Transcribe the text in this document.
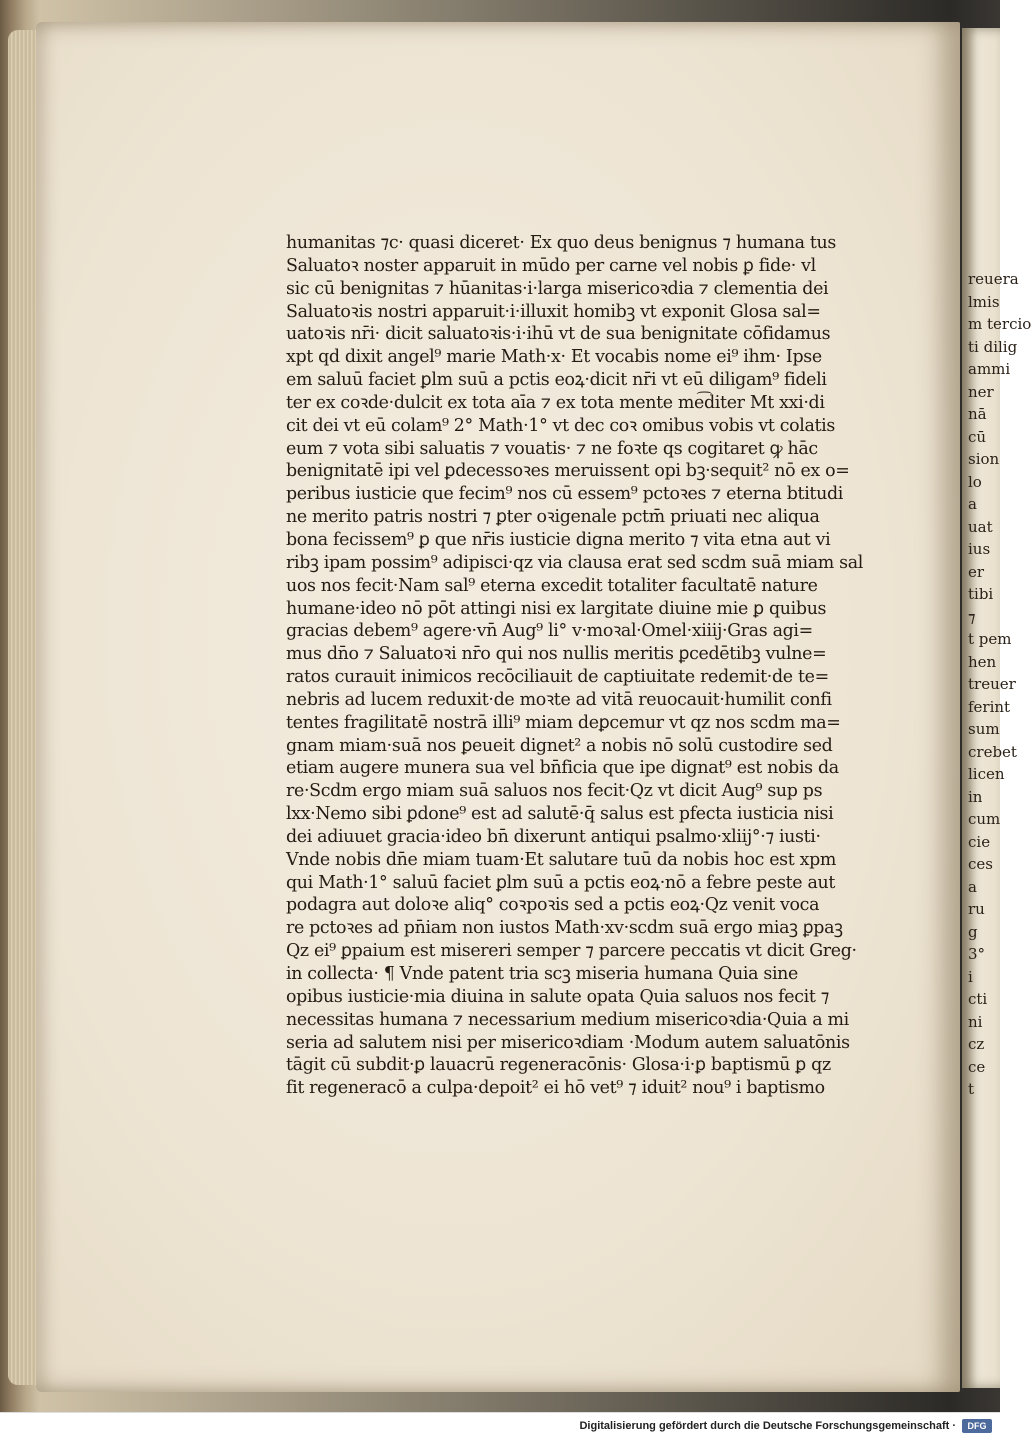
reuera
lmis
m tercio
ti dilig
ammi
ner
nā
cū
sion
lo
a
uat
ius
er
tibi
⁊
t pem
hen
treuer
ferint
sum
crebet
licen
in
cum
cie
ces
a
ru
g
3°
i
cti
ni
cz
ce
t
humanitas ⁊c· quasi diceret· Ex quo deus benignus ⁊ humana tus
Saluatoꝛ noster apparuit in mūdo per carne vel nobis ꝑ fide· vl
sic cū benignitas ⁊ hūanitas·i·larga misericoꝛdia ⁊ clementia dei
Saluatoꝛis nostri apparuit·i·illuxit homibꝫ vt exponit Glosa sal=
uatoꝛis nr̄i· dicit saluatoꝛis·i·ihū vt de sua benignitate cōfidamus
xpt qd dixit angel⁹ marie Math·x· Et vocabis nome ei⁹ ihm· Ipse
em saluū faciet ꝑlm suū a pctis eoꝝ·dicit nr̄i vt eū diligam⁹ fideli
ter ex coꝛde·dulcit ex tota aīa ⁊ ex tota mente me͡diter Mt xxi·di
cit dei vt eū colam⁹ 2° Math·1° vt dec coꝛ omibus vobis vt colatis
eum ⁊ vota sibi saluatis ⁊ vouatis· ⁊ ne foꝛte qs cogitaret ꝙ hāc
benignitatē ipi vel ꝑdecessoꝛes meruissent opi bꝫ·sequit² nō ex o=
peribus iusticie que fecim⁹ nos cū essem⁹ pctoꝛes ⁊ eterna btitudi
ne merito patris nostri ⁊ ꝑter oꝛigenale pctm̄ priuati nec aliqua
bona fecissem⁹ ꝑ que nr̄is iusticie digna merito ⁊ vita etna aut vi
ribꝫ ipam possim⁹ adipisci·qz via clausa erat sed scdm suā miam sal
uos nos fecit·Nam sal⁹ eterna excedit totaliter facultatē nature
humane·ideo nō pōt attingi nisi ex largitate diuine mie ꝑ quibus
gracias debem⁹ agere·vn̄ Aug⁹ li° v·moꝛal·Omel·xiiij·Gras agi=
mus dn̄o ⁊ Saluatoꝛi nr̄o qui nos nullis meritis ꝑcedētibꝫ vulne=
ratos curauit inimicos recōciliauit de captiuitate redemit·de te=
nebris ad lucem reduxit·de moꝛte ad vitā reuocauit·humilit confi
tentes fragilitatē nostrā illi⁹ miam deꝑcemur vt qz nos scdm ma=
gnam miam·suā nos ꝑeueit dignet² a nobis nō solū custodire sed
etiam augere munera sua vel bn̄ficia que ipe dignat⁹ est nobis da
re·Scdm ergo miam suā saluos nos fecit·Qz vt dicit Aug⁹ sup ps
lxx·Nemo sibi ꝑdone⁹ est ad salutē·q̄ salus est pfecta iusticia nisi
dei adiuuet gracia·ideo bn̄ dixerunt antiqui psalmo·xliij°·⁊ iusti·
Vnde nobis dn̄e miam tuam·Et salutare tuū da nobis hoc est xpm
qui Math·1° saluū faciet ꝑlm suū a pctis eoꝝ·nō a febre peste aut
podagra aut doloꝛe aliq° coꝛpoꝛis sed a pctis eoꝝ·Qz venit voca
re pctoꝛes ad pn̄iam non iustos Math·xv·scdm suā ergo miaꝫ ꝑpaꝫ
Qz ei⁹ ꝑpaium est misereri semper ⁊ parcere peccatis vt dicit Greg·
in collecta· ¶ Vnde patent tria scꝫ miseria humana Quia sine
opibus iusticie·mia diuina in salute opata Quia saluos nos fecit ⁊
necessitas humana ⁊ necessarium medium misericoꝛdia·Quia a mi
seria ad salutem nisi per misericoꝛdiam ·Modum autem saluatōnis
tāgit cū subdit·ꝑ lauacrū regeneracōnis· Glosa·i·ꝑ baptismū ꝑ qz
fit regeneracō a culpa·depoit² ei hō vet⁹ ⁊ iduit² nou⁹ i baptismo
Digitalisierung gefördert durch die Deutsche Forschungsgemeinschaft ·	DFG
